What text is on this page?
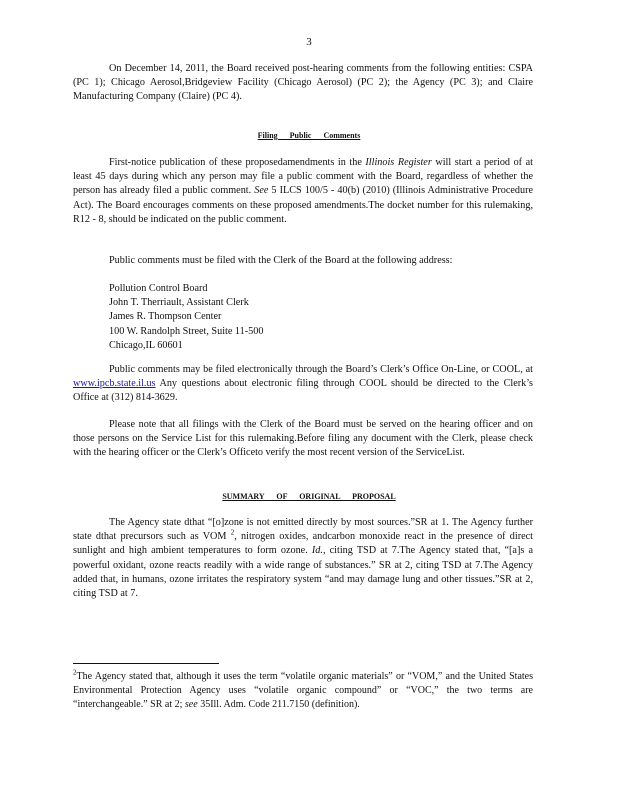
3

On December 14, 2011, the Board received post-hearing comments from the following entities: CSPA (PC 1); Chicago Aerosol,Bridgeview Facility (Chicago Aerosol) (PC 2); the Agency (PC 3); and Claire Manufacturing Company (Claire) (PC 4).

Filing Public Comments

First-notice publication of these proposedamendments in the Illinois Register will start a period of at least 45 days during which any person may file a public comment with the Board, regardless of whether the person has already filed a public comment. See 5 ILCS 100/5 - 40(b) (2010) (Illinois Administrative Procedure Act). The Board encourages comments on these proposed amendments.The docket number for this rulemaking, R12 - 8, should be indicated on the public comment.

Public comments must be filed with the Clerk of the Board at the following address:

Pollution Control Board
John T. Therriault, Assistant Clerk
James R. Thompson Center
100 W. Randolph Street, Suite 11-500
Chicago,IL 60601

Public comments may be filed electronically through the Board’s Clerk’s Office On-Line, or COOL, at www.ipcb.state.il.us Any questions about electronic filing through COOL should be directed to the Clerk’s Office at (312) 814-3629.

Please note that all filings with the Clerk of the Board must be served on the hearing officer and on those persons on the Service List for this rulemaking.Before filing any document with the Clerk, please check with the hearing officer or the Clerk’s Officeto verify the most recent version of the ServiceList.

SUMMARY OF ORIGINAL PROPOSAL

The Agency state dthat “[o]zone is not emitted directly by most sources.”SR at 1. The Agency further state dthat precursors such as VOM $^2$, nitrogen oxides, andcarbon monoxide react in the presence of direct sunlight and high ambient temperatures to form ozone. Id., citing TSD at 7.The Agency stated that, “[a]s a powerful oxidant, ozone reacts readily with a wide range of substances.” SR at 2, citing TSD at 7.The Agency added that, in humans, ozone irritates the respiratory system “and may damage lung and other tissues.”SR at 2, citing TSD at 7.

$^2$The Agency stated that, although it uses the term “volatile organic materials” or “VOM,” and the United States Environmental Protection Agency uses “volatile organic compound” or “VOC,” the two terms are “interchangeable.” SR at 2; see 35Ill. Adm. Code 211.7150 (definition).
